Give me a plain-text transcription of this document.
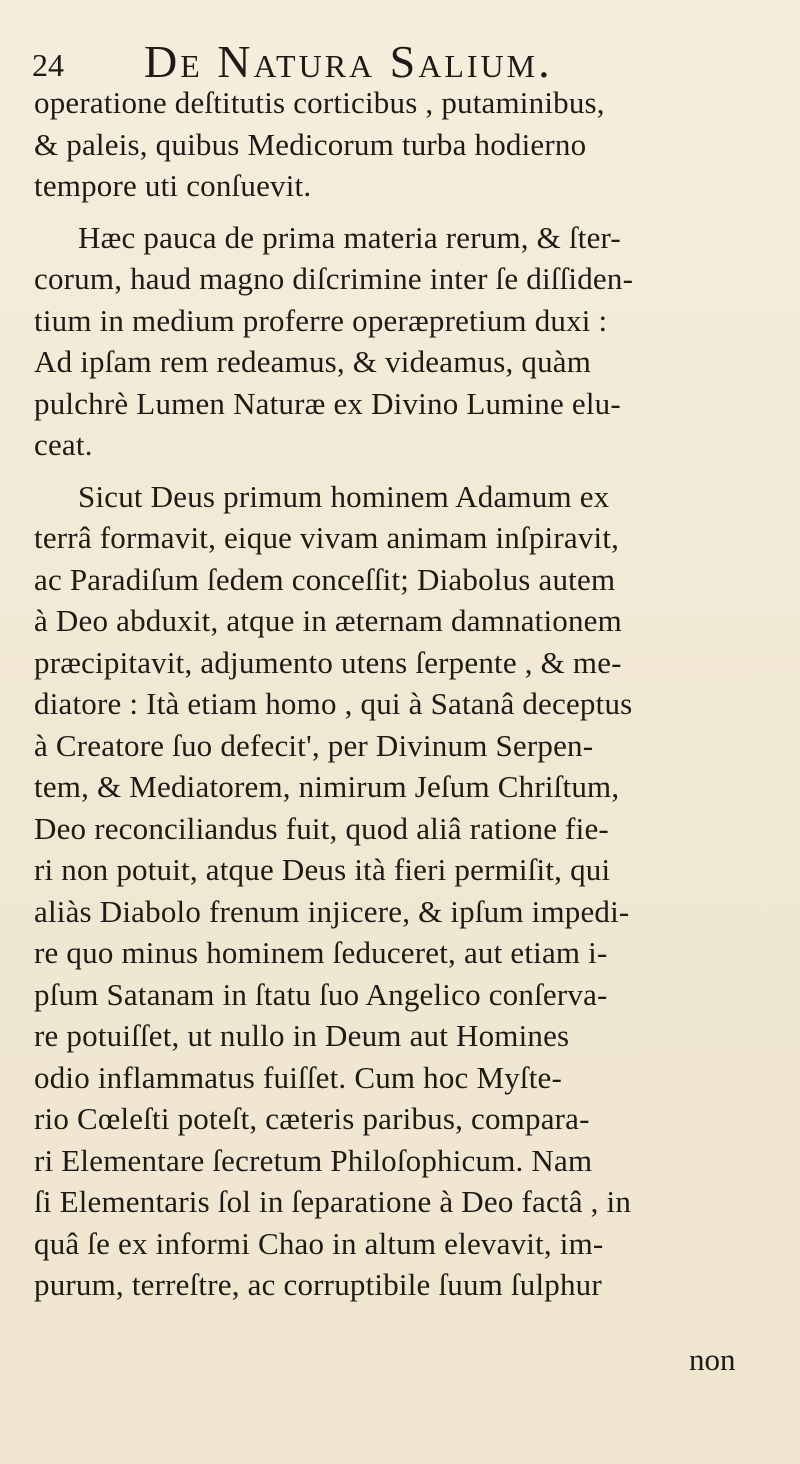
24 De Natura Salium.
operatione deſtitutis corticibus , putaminibus,
& paleis, quibus Medicorum turba hodierno
tempore uti conſuevit.
Hæc pauca de prima materia rerum, & ſter-
corum, haud magno diſcrimine inter ſe diſſiden-
tium in medium proferre operæpretium duxi :
Ad ipſam rem redeamus, & videamus, quàm
pulchrè Lumen Naturæ ex Divino Lumine elu-
ceat.
Sicut Deus primum hominem Adamum ex
terrâ formavit, eique vivam animam inſpiravit,
ac Paradiſum ſedem conceſſit; Diabolus autem
à Deo abduxit, atque in æternam damnationem
præcipitavit, adjumento utens ſerpente , & me-
diatore : Ità etiam homo , qui à Satanâ deceptus
à Creatore ſuo defecit', per Divinum Serpen-
tem, & Mediatorem, nimirum Jeſum Chriſtum,
Deo reconciliandus fuit, quod aliâ ratione fie-
ri non potuit, atque Deus ità fieri permiſit, qui
aliàs Diabolo frenum injicere, & ipſum impedi-
re quo minus hominem ſeduceret, aut etiam i-
pſum Satanam in ſtatu ſuo Angelico conſerva-
re potuiſſet, ut nullo in Deum aut Homines
odio inflammatus fuiſſet. Cum hoc Myſte-
rio Cœleſti poteſt, cæteris paribus, compara-
ri Elementare ſecretum Philoſophicum. Nam
ſi Elementaris ſol in ſeparatione à Deo factâ , in
quâ ſe ex informi Chao in altum elevavit, im-
purum, terreſtre, ac corruptibile ſuum ſulphur
non
